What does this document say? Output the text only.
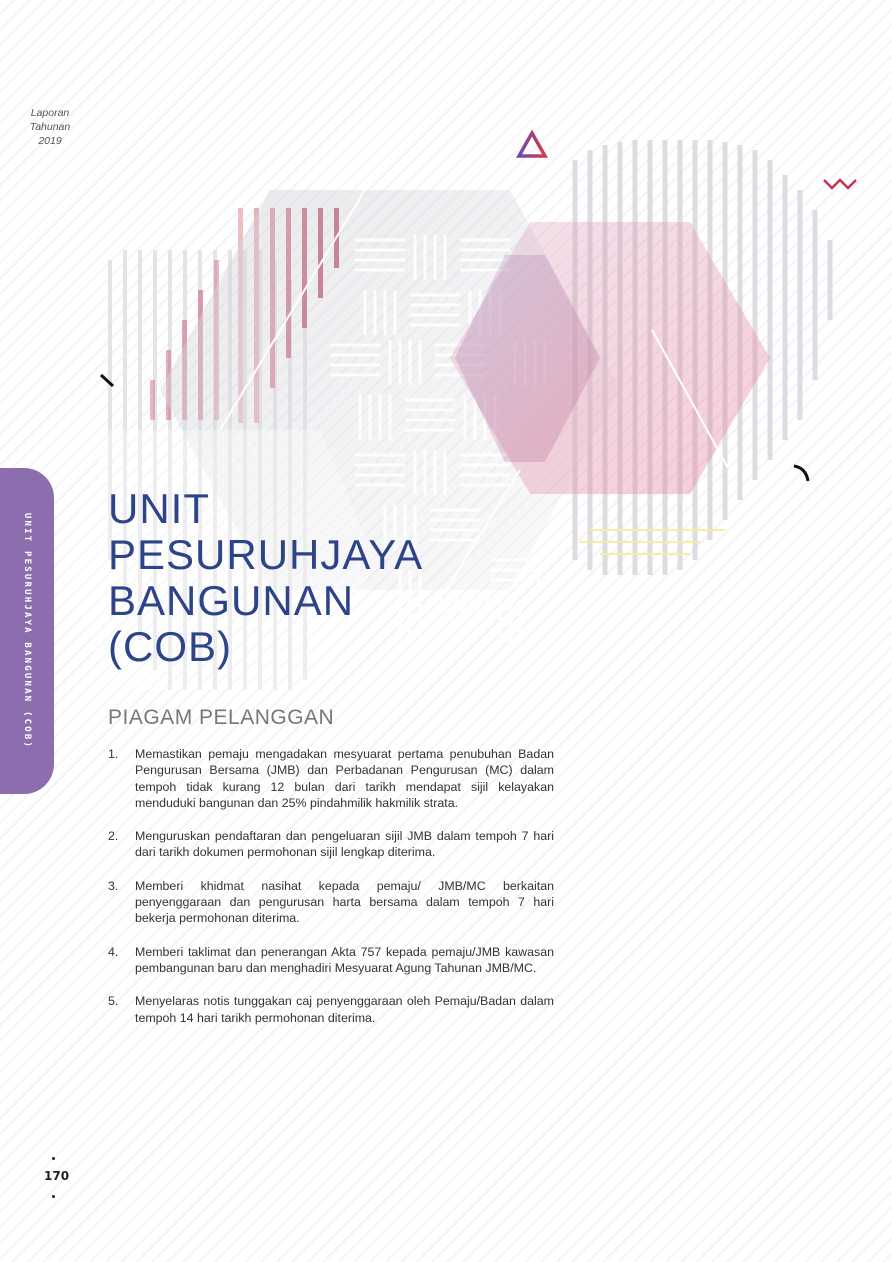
Laporan
Tahunan
2019
UNIT PESURUHJAYA BANGUNAN (COB)
UNIT
PESURUHJAYA
BANGUNAN
(COB)
PIAGAM PELANGGAN
1. Memastikan pemaju mengadakan mesyuarat pertama penubuhan Badan Pengurusan Bersama (JMB) dan Perbadanan Pengurusan (MC) dalam tempoh tidak kurang 12 bulan dari tarikh mendapat sijil kelayakan menduduki bangunan dan 25% pindahmilik hakmilik strata.
2. Menguruskan pendaftaran dan pengeluaran sijil JMB dalam tempoh 7 hari dari tarikh dokumen permohonan sijil lengkap diterima.
3. Memberi khidmat nasihat kepada pemaju/ JMB/MC berkaitan penyenggaraan dan pengurusan harta bersama dalam tempoh 7 hari bekerja permohonan diterima.
4. Memberi taklimat dan penerangan Akta 757 kepada pemaju/JMB kawasan pembangunan baru dan menghadiri Mesyuarat Agung Tahunan JMB/MC.
5. Menyelaras notis tunggakan caj penyenggaraan oleh Pemaju/Badan dalam tempoh 14 hari tarikh permohonan diterima.
170
